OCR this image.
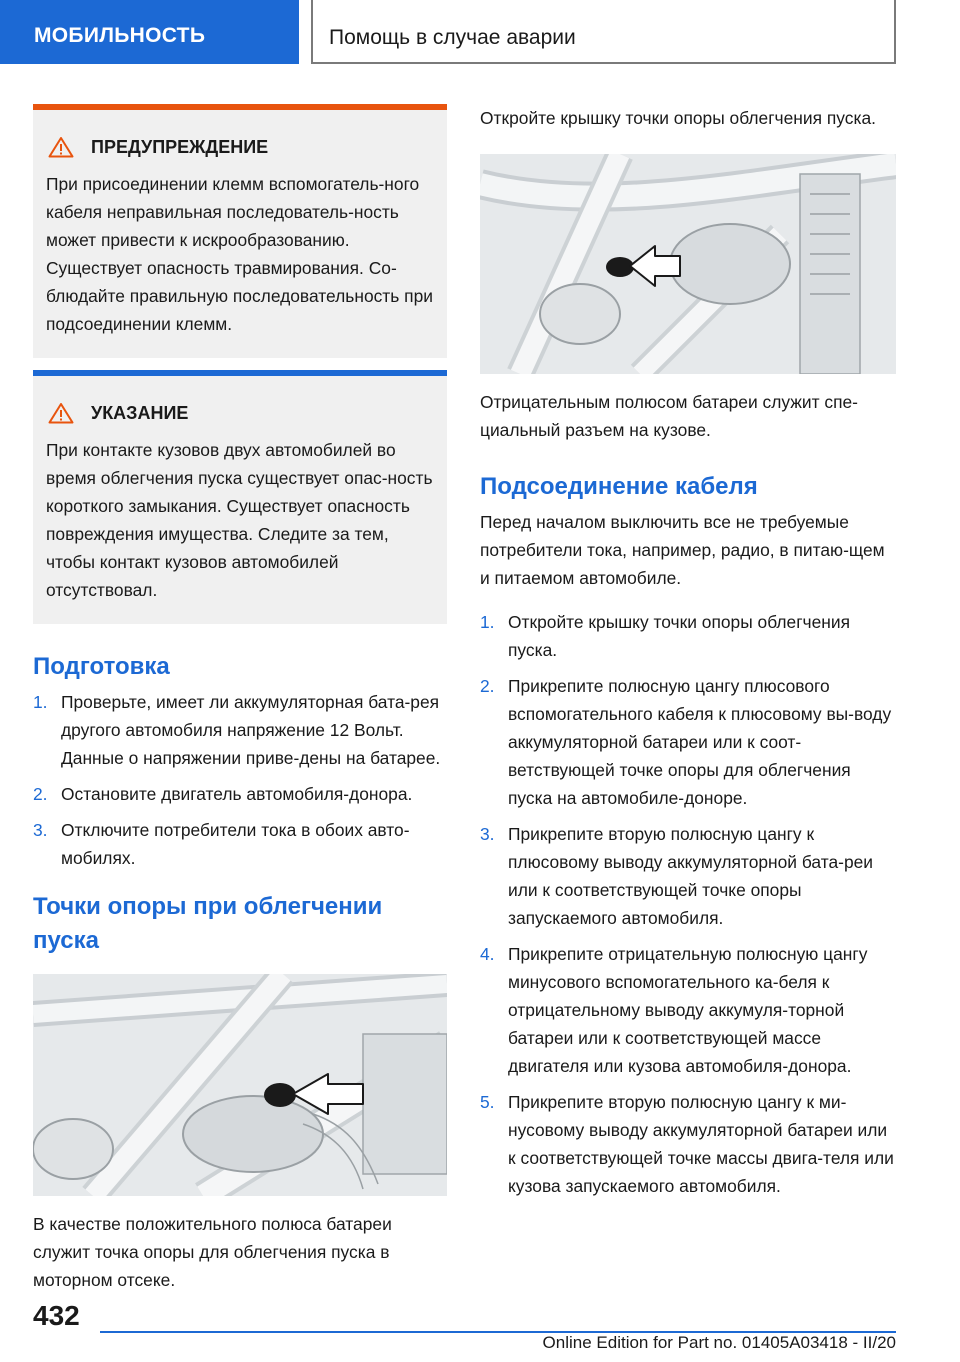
МОБИЛЬНОСТЬ	Помощь в случае аварии
ПРЕДУПРЕЖДЕНИЕ
При присоединении клемм вспомогатель-ного кабеля неправильная последователь-ность может привести к искрообразованию. Существует опасность травмирования. Со-блюдайте правильную последовательность при подсоединении клемм.
УКАЗАНИЕ
При контакте кузовов двух автомобилей во время облегчения пуска существует опас-ность короткого замыкания. Существует опасность повреждения имущества. Следите за тем, чтобы контакт кузовов автомобилей отсутствовал.
Подготовка
1. Проверьте, имеет ли аккумуляторная бата-рея другого автомобиля напряжение 12 Вольт. Данные о напряжении приве-дены на батарее.
2. Остановите двигатель автомобиля-донора.
3. Отключите потребители тока в обоих авто-мобилях.
Точки опоры при облегчении пуска
В качестве положительного полюса батареи служит точка опоры для облегчения пуска в моторном отсеке.
Откройте крышку точки опоры облегчения пуска.
Отрицательным полюсом батареи служит спе-циальный разъем на кузове.
Подсоединение кабеля
Перед началом выключить все не требуемые потребители тока, например, радио, в питаю-щем и питаемом автомобиле.
1. Откройте крышку точки опоры облегчения пуска.
2. Прикрепите полюсную цангу плюсового вспомогательного кабеля к плюсовому вы-воду аккумуляторной батареи или к соот-ветствующей точке опоры для облегчения пуска на автомобиле-доноре.
3. Прикрепите вторую полюсную цангу к плюсовому выводу аккумуляторной бата-реи или к соответствующей точке опоры запускаемого автомобиля.
4. Прикрепите отрицательную полюсную цангу минусового вспомогательного ка-беля к отрицательному выводу аккумуля-торной батареи или к соответствующей массе двигателя или кузова автомобиля-донора.
5. Прикрепите вторую полюсную цангу к ми-нусовому выводу аккумуляторной батареи или к соответствующей точке массы двига-теля или кузова запускаемого автомобиля.
432
Online Edition for Part no. 01405A03418 - II/20
